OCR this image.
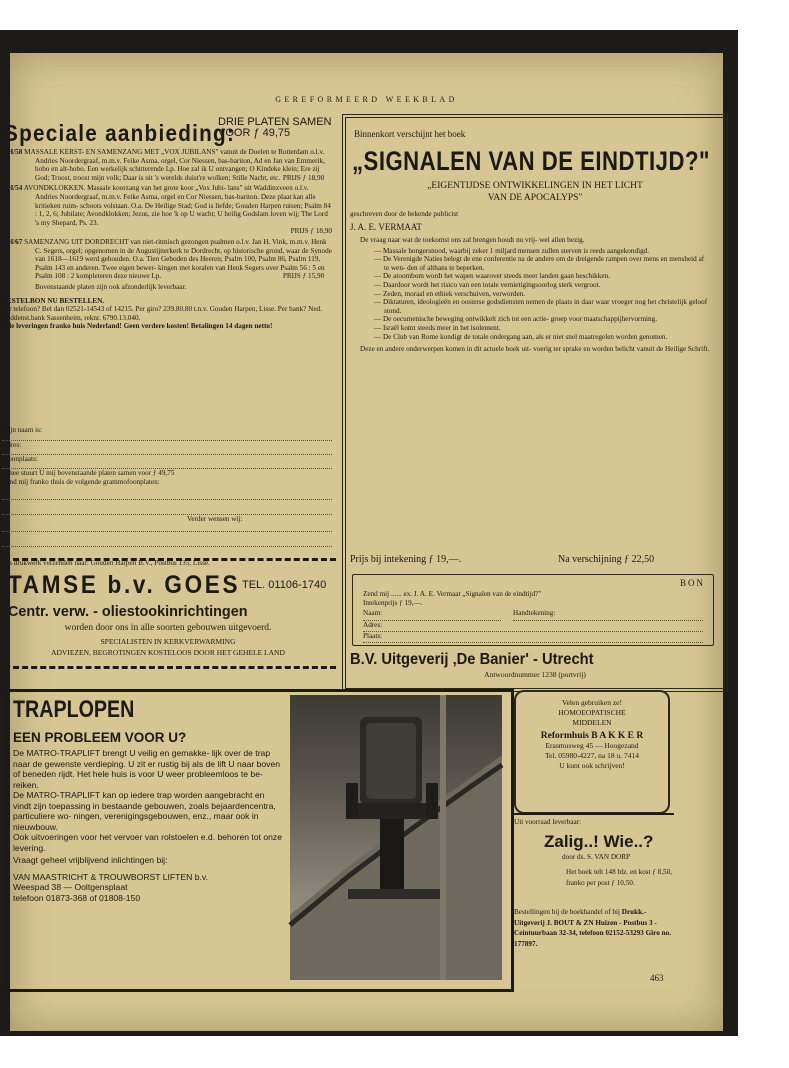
GEREFORMEERD WEEKBLAD
Speciale aanbieding:
DRIE PLATEN SAMEN
VOOR ƒ 49,75
GH/58 MASSALE KERST- EN SAMENZANG MET „VOX JUBILANS" vanuit de Doelen te Rotterdam o.l.v. Andries Noordergraaf, m.m.v. Feike Asma, orgel, Cor Niessen, bas-bariton, Ad en Jan van Emmerik, hobo en alt-hobo. Een werkelijk schitterende Lp. Hoe zal ik U ontvangen; O Kindeke klein; Ere zij God; Troost, troost mijn volk; Daar is uit 's werelds duist're wolken; Stille Nacht, etc. PRIJS ƒ 18,90
GH/54 AVONDKLOKKEN. Massale koorzang van het grote koor „Vox Jubi- lans" uit Waddinxveen o.l.v. Andries Noordergraaf, m.m.v. Feike Asma, orgel en Cor Niessen, bas-bariton. Deze plaat kan alle kritieken ruim- schoots volstaan. O.a. De Heilige Stad; God is liefde; Gouden Harpen ruisen; Psalm 84 : 1, 2, 6; Jubilate; Avondklokken; Jezus, zie hoe 'k op U wacht; U heilig Godslam loven wij; The Lord 's my Shepard, Ps. 23.
PRIJS ƒ 18,90
GH/67 SAMENZANG UIT DORDRECHT van niet-ritmisch gezongen psalmen o.l.v. Jan H. Vink, m.m.v. Henk C. Segers, orgel; opgenomen in de Augustijnerkerk te Dordrecht, op historische grond, waar de Synode van 1618—1619 werd gehouden. O.a. Tien Geboden des Heeren; Psalm 100, Psalm 86, Psalm 119, Psalm 143 en anderen. Twee eigen bewer- kingen met koralen van Henk Segers over Psalm 56 : 5 en Psalm 108 : 2 kompleteren deze nieuwe Lp.	PRIJS ƒ 15,90
Bovenstaande platen zijn ook afzonderlijk leverbaar.
BESTELBON NU BESTELLEN.
Per telefoon? Bel dan 02521-14543 of 14215. Per giro? 239.80.80 t.n.v. Gouden Harpen, Lisse. Per bank? Ned. Middenst.bank Sassenheim, reknr. 6790.13.040.
Alle leveringen franko huis Nederland! Geen verdere kosten! Betalingen 14 dagen netto!
Mijn naam is:
Adres:
Woonplaats:
ja/nee stuurt U mij bovenstaande platen samen voor ƒ 49,75
Zend mij franko thuis de volgende grammofoonplaten:
Verder wensen wij:
Als drukwerk verzenden naar: Gouden Harpen B.V., Postbus 135, Lisse.
TAMSE b.v. GOES TEL. 01106-1740
Centr. verw. - oliestookinrichtingen
worden door ons in alle soorten gebouwen uitgevoerd.
SPECIALISTEN IN KERKVERWARMING
ADVIEZEN, BEGROTINGEN KOSTELOOS DOOR HET GEHELE LAND
Binnenkort verschijnt het boek
„SIGNALEN VAN DE EINDTIJD?"
„EIGENTIJDSE ONTWIKKELINGEN IN HET LICHT
VAN DE APOCALYPS"
geschreven door de bekende publicist
J. A. E. VERMAAT
De vraag naar wat de toekomst ons zal brengen houdt nu vrij- wel allen bezig.
— Massale hongersnood, waarbij zeker 1 miljard mensen zullen sterven is reeds aangekondigd.
— De Verenigde Naties belegt de ene conferentie na de andere om de dreigende rampen over mens en mensheid af te wen- den of althans te beperken.
— De atoombom wordt het wapen waarover steeds meer landen gaan beschikken.
— Daardoor wordt het risico van een totale vernietigingsoorlog sterk vergroot.
— Zeden, moraal en ethiek verschuiven, verworden.
— Diktaturen, ideologieën en oosterse godsdiensten nemen de plaats in daar waar vroeger nog het christelijk geloof stond.
— De oecumenische beweging ontwikkelt zich tot een actie- groep voor maatschappijhervorming.
— Israël komt steeds meer in het isolement.
— De Club van Rome kondigt de totale ondergang aan, als er niet snel maatregelen worden genomen.
Deze en andere onderwerpen komen in dit actuele boek uit- voerig ter sprake en worden belicht vanuit de Heilige Schrift.
Prijs bij intekening ƒ 19,—.	Na verschijning ƒ 22,50
BON
Zend mij ...... ex. J. A. E. Vermaat „Signalen van de eindtijd?"
Intekenprijs ƒ 19,—.
Naam:	Handtekening:
Adres:
Plaats:
B.V. Uitgeverij ‚De Banier' - Utrecht
Antwoordnummer 1238 (portvrij)
TRAPLOPEN
EEN PROBLEEM VOOR U?

De MATRO-TRAPLIFT brengt U veilig en gemakke- lijk over de trap naar de gewenste verdieping. U zit er rustig bij als de lift U naar boven of beneden rijdt. Het hele huis is voor U weer probleemloos te be- reiken.

De MATRO-TRAPLIFT kan op iedere trap worden aangebracht en vindt zijn toepassing in bestaande gebouwen, zoals bejaardencentra, particuliere wo- ningen, verenigingsgebouwen, enz., maar ook in nieuwbouw.

Ook uitvoeringen voor het vervoer van rolstoelen e.d. behoren tot onze levering.

Vraagt geheel vrijblijvend inlichtingen bij:

VAN MAASTRICHT & TROUWBORST LIFTEN b.v.
Weespad 38 — Ooltgensplaat
telefoon 01873-368 of 01808-150
Velen gebruiken ze!
HOMOEOPATISCHE
MIDDELEN
Reformhuis B A K K E R
Erasmusweg 45 — Hoogezand
Tel. 05980-4227, na 18 u. 7414
U kunt ook schrijven!
Uit voorraad leverbaar:
Zalig..! Wie..?
door ds. S. VAN DORP
Het boek telt 148 blz. en kost ƒ 8,50, franko per post ƒ 10,50.
Bestellingen bij de boekhandel of bij Drukk.-Uitgeverij J. BOUT & ZN Huizen - Postbus 3 - Ceintuurbaan 32-34, telefoon 02152-53293 Giro no. 177897.
463
